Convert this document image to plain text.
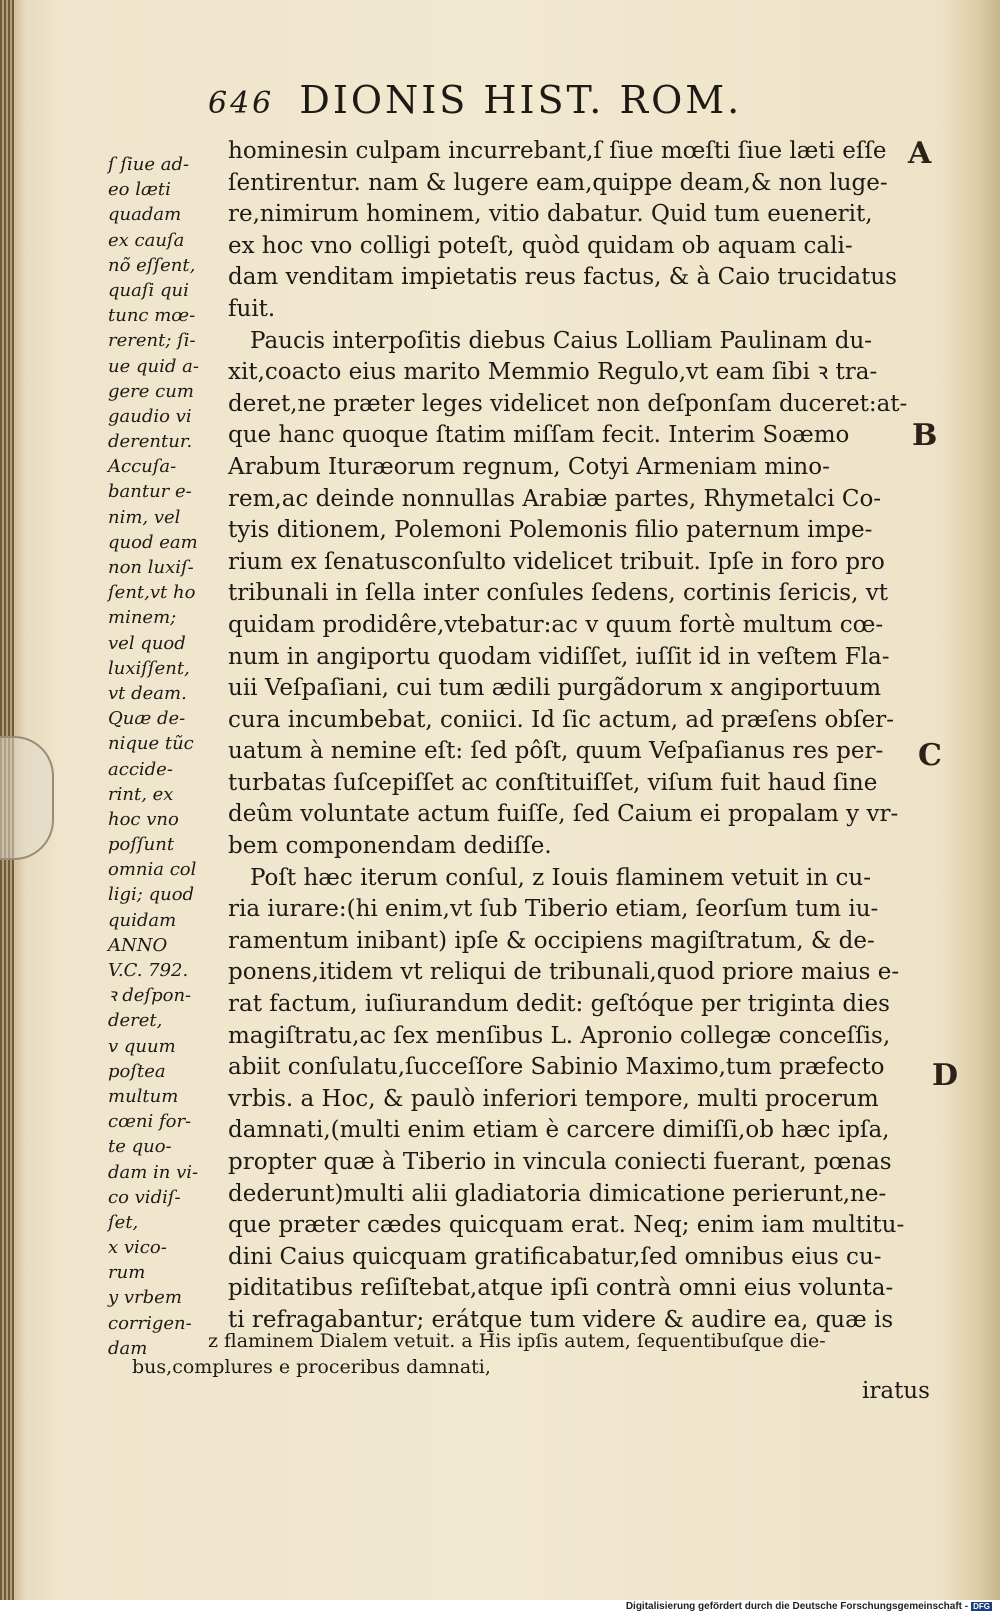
646 DIONIS HIST. ROM.
ſ ſiue ad-
eo læti
quadam
ex cauſa
nõ eſſent,
quaſi qui
tunc mœ-
rerent; ſi-
ue quid a-
gere cum
gaudio vi
derentur.
Accuſa-
bantur e-
nim, vel
quod eam
non luxiſ-
ſent,vt ho
minem;
vel quod
luxiſſent,
vt deam.
Quæ de-
nique tũc
accide-
rint, ex
hoc vno
poſſunt
omnia col
ligi; quod
quidam
ANNO
V.C. 792.
ꝛ deſpon-
deret,
v quum
poſtea
multum
cœni for-
te quo-
dam in vi-
co vidiſ-
ſet,
x vico-
rum
y vrbem
corrigen-
dam
hominesin culpam incurrebant,ſ ſiue mœſti ſiue læti eſſe
ſentirentur. nam & lugere eam,quippe deam,& non luge-
re,nimirum hominem, vitio dabatur. Quid tum euenerit,
ex hoc vno colligi poteſt, quòd quidam ob aquam cali-
dam venditam impietatis reus factus, & à Caio trucidatus
fuit.
Paucis interpoſitis diebus Caius Lolliam Paulinam du-
xit,coacto eius marito Memmio Regulo,vt eam ſibi ꝛ tra-
deret,ne præter leges videlicet non deſponſam duceret:at-
que hanc quoque ſtatim miſſam fecit. Interim Soæmo
Arabum Ituræorum regnum, Cotyi Armeniam mino-
rem,ac deinde nonnullas Arabiæ partes, Rhymetalci Co-
tyis ditionem, Polemoni Polemonis filio paternum impe-
rium ex ſenatusconſulto videlicet tribuit. Ipſe in foro pro
tribunali in ſella inter conſules ſedens, cortinis ſericis, vt
quidam prodidêre,vtebatur:ac v quum fortè multum cœ-
num in angiportu quodam vidiſſet, iuſſit id in veſtem Fla-
uii Veſpaſiani, cui tum ædili purgãdorum x angiportuum
cura incumbebat, coniici. Id ſic actum, ad præſens obſer-
uatum à nemine eſt: ſed pôſt, quum Veſpaſianus res per-
turbatas ſuſcepiſſet ac conſtituiſſet, viſum fuit haud ſine
deûm voluntate actum fuiſſe, ſed Caium ei propalam y vr-
bem componendam dediſſe.
Poſt hæc iterum conſul, z Iouis flaminem vetuit in cu-
ria iurare:(hi enim,vt ſub Tiberio etiam, ſeorſum tum iu-
ramentum inibant) ipſe & occipiens magiſtratum, & de-
ponens,itidem vt reliqui de tribunali,quod priore maius e-
rat factum, iuſiurandum dedit: geſtóque per triginta dies
magiſtratu,ac ſex menſibus L. Apronio collegæ conceſſis,
abiit conſulatu,ſucceſſore Sabinio Maximo,tum præfecto
vrbis. a Hoc, & paulò inferiori tempore, multi procerum
damnati,(multi enim etiam è carcere dimiſſi,ob hæc ipſa,
propter quæ à Tiberio in vincula coniecti fuerant, pœnas
dederunt)multi alii gladiatoria dimicatione perierunt,ne-
que præter cædes quicquam erat. Neq; enim iam multitu-
dini Caius quicquam gratificabatur,ſed omnibus eius cu-
piditatibus reſiſtebat,atque ipſi contrà omni eius volunta-
ti refragabantur; erátque tum videre & audire ea, quæ is
A
B
C
D
z flaminem Dialem vetuit. a His ipſis autem, ſequentibuſque die-
bus,complures e proceribus damnati,
iratus
Digitalisierung gefördert durch die Deutsche Forschungsgemeinschaft - DFG
